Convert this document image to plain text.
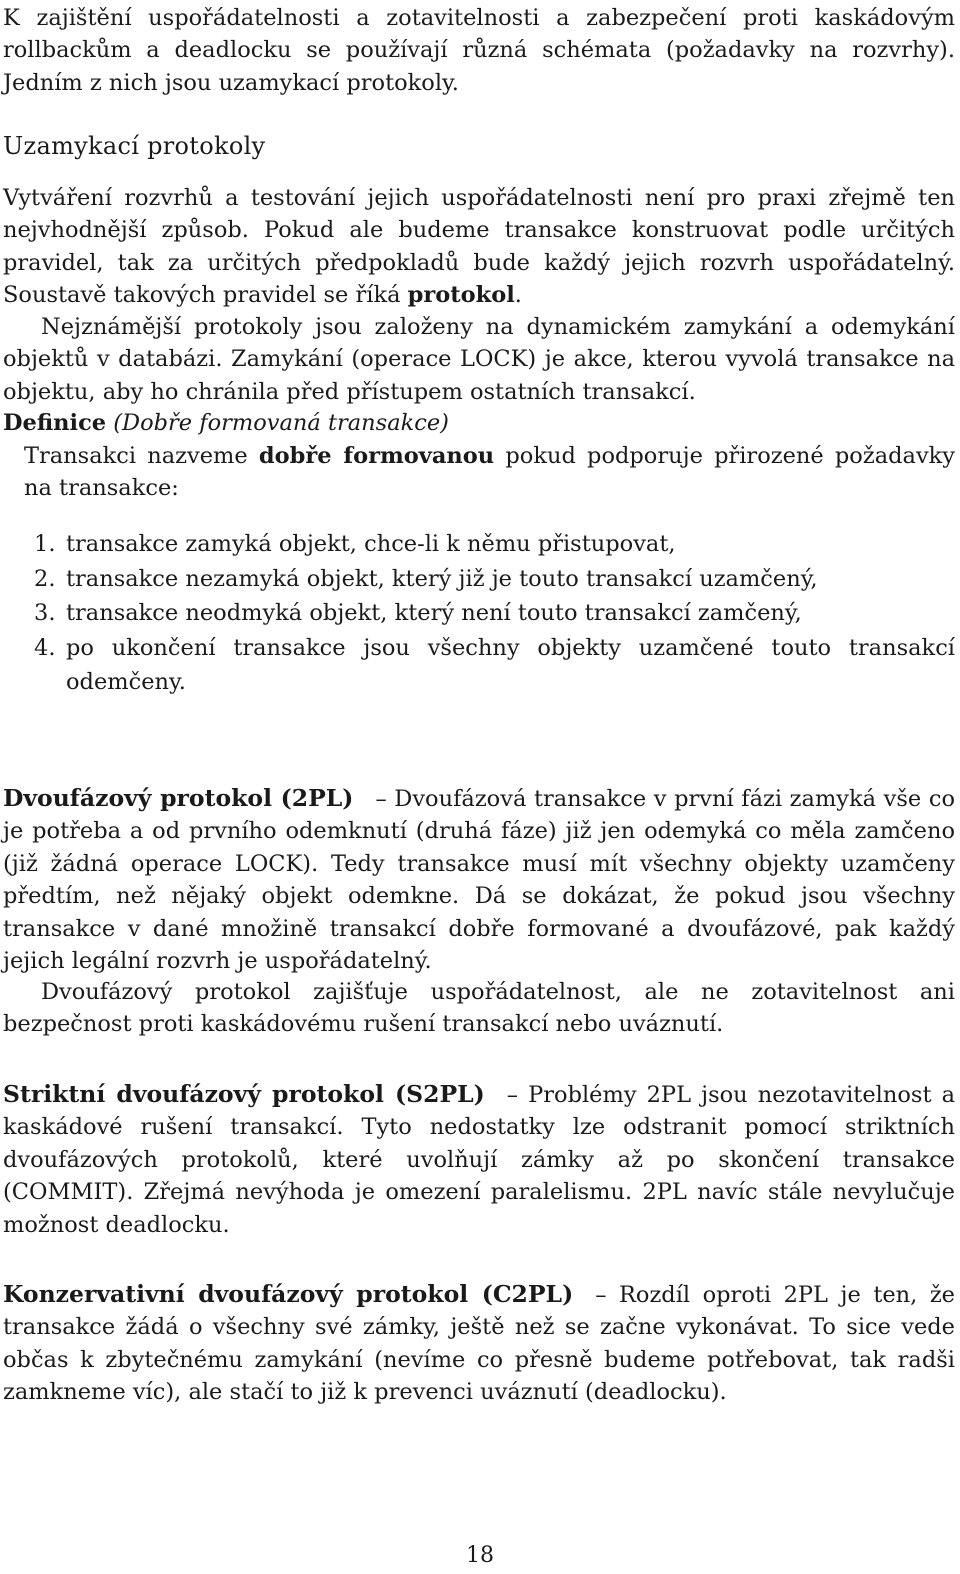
K zajištění uspořádatelnosti a zotavitelnosti a zabezpečení proti kaskádovým rollbackům a deadlocku se používají různá schémata (požadavky na rozvrhy). Jedním z nich jsou uzamykací protokoly.

Uzamykací protokoly

Vytváření rozvrhů a testování jejich uspořádatelnosti není pro praxi zřejmě ten nejvhodnější způsob. Pokud ale budeme transakce konstruovat podle určitých pravidel, tak za určitých předpokladů bude každý jejich rozvrh uspořádatelný. Soustavě takových pravidel se říká protokol.

Nejznámější protokoly jsou založeny na dynamickém zamykání a odemykání objektů v databázi. Zamykání (operace LOCK) je akce, kterou vyvolá transakce na objektu, aby ho chránila před přístupem ostatních transakcí.

Definice (Dobře formovaná transakce)

Transakci nazveme dobře formovanou pokud podporuje přirozené požadavky na transakce:

1. transakce zamyká objekt, chce-li k němu přistupovat,
2. transakce nezamyká objekt, který již je touto transakcí uzamčený,
3. transakce neodmyká objekt, který není touto transakcí zamčený,
4. po ukončení transakce jsou všechny objekty uzamčené touto transakcí odemčeny.

Dvoufázový protokol (2PL) – Dvoufázová transakce v první fázi zamyká vše co je potřeba a od prvního odemknutí (druhá fáze) již jen odemyká co měla zamčeno (již žádná operace LOCK). Tedy transakce musí mít všechny objekty uzamčeny předtím, než nějaký objekt odemkne. Dá se dokázat, že pokud jsou všechny transakce v dané množině transakcí dobře formované a dvoufázové, pak každý jejich legální rozvrh je uspořádatelný.

Dvoufázový protokol zajišťuje uspořádatelnost, ale ne zotavitelnost ani bezpečnost proti kaskádovému rušení transakcí nebo uváznutí.

Striktní dvoufázový protokol (S2PL) – Problémy 2PL jsou nezotavitelnost a kaskádové rušení transakcí. Tyto nedostatky lze odstranit pomocí striktních dvoufázových protokolů, které uvolňují zámky až po skončení transakce (COMMIT). Zřejmá nevýhoda je omezení paralelismu. 2PL navíc stále nevylučuje možnost deadlocku.

Konzervativní dvoufázový protokol (C2PL) – Rozdíl oproti 2PL je ten, že transakce žádá o všechny své zámky, ještě než se začne vykonávat. To sice vede občas k zbytečnému zamykání (nevíme co přesně budeme potřebovat, tak radši zamkneme víc), ale stačí to již k prevenci uváznutí (deadlocku).

18
